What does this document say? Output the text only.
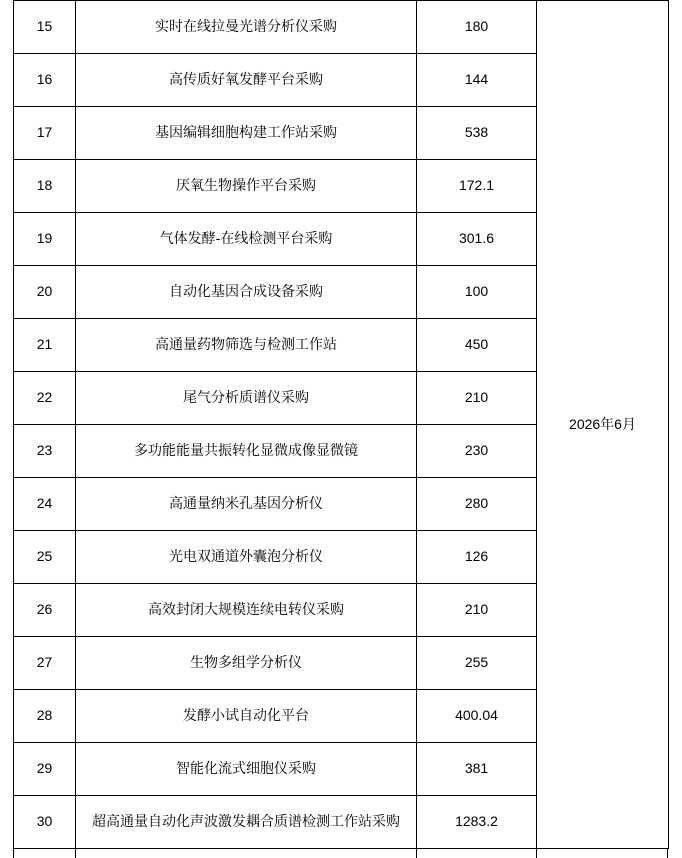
15	实时在线拉曼光谱分析仪采购	180	2026年6月
16	高传质好氧发酵平台采购	144	
17	基因编辑细胞构建工作站采购	538	
18	厌氧生物操作平台采购	172.1	
19	气体发酵-在线检测平台采购	301.6	
20	自动化基因合成设备采购	100	
21	高通量药物筛选与检测工作站	450	
22	尾气分析质谱仪采购	210	
23	多功能能量共振转化显微成像显微镜	230	
24	高通量纳米孔基因分析仪	280	
25	光电双通道外囊泡分析仪	126	
26	高效封闭大规模连续电转仪采购	210	
27	生物多组学分析仪	255	
28	发酵小试自动化平台	400.04	
29	智能化流式细胞仪采购	381	
30	超高通量自动化声波激发耦合质谱检测工作站采购	1283.2	
